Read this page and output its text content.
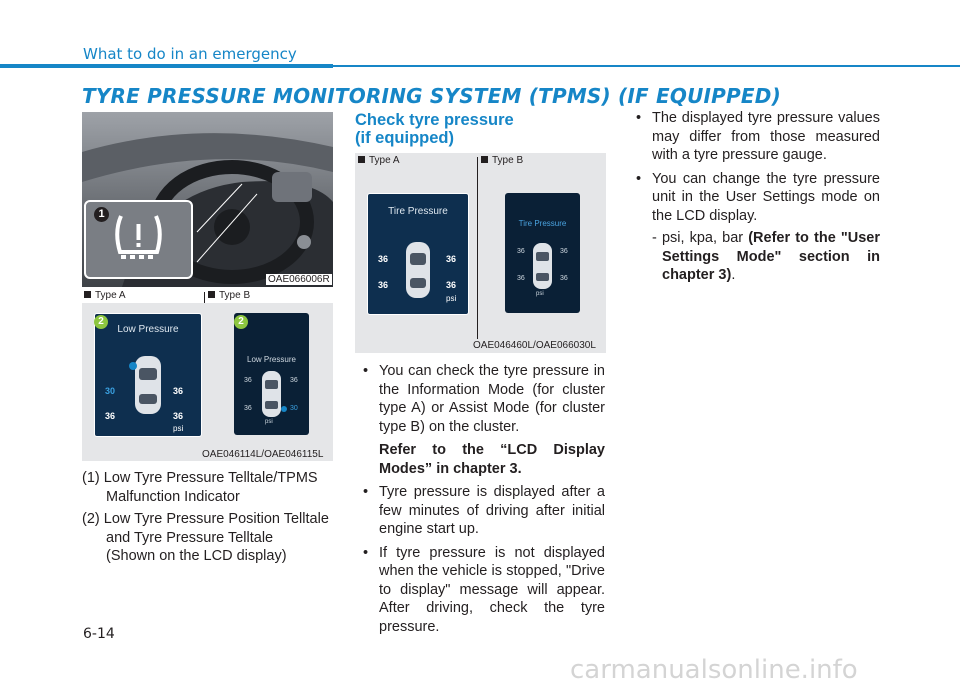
What to do in an emergency
TYRE PRESSURE MONITORING SYSTEM (TPMS) (IF EQUIPPED)
1
OAE066006R
Type A	Type B
Low Pressure
30	36
36	36
psi
2
Low Pressure
36	36
36	30
psi
2
OAE046114L/OAE046115L
(1) Low Tyre Pressure Telltale/TPMS Malfunction Indicator
(2) Low Tyre Pressure Position Telltale and Tyre Pressure Telltale
(Shown on the LCD display)
Check tyre pressure
(if equipped)
Type A	Type B
Tire Pressure
36	36
36	36
psi
Tire Pressure
36	36
36	36
psi
OAE046460L/OAE066030L
• You can check the tyre pressure in the Information Mode (for cluster type A) or Assist Mode (for cluster type B) on the cluster.
Refer to the “LCD Display Modes” in chapter 3.
• Tyre pressure is displayed after a few minutes of driving after initial engine start up.
• If tyre pressure is not displayed when the vehicle is stopped, "Drive to display" message will appear. After driving, check the tyre pressure.
• The displayed tyre pressure values may differ from those measured with a tyre pressure gauge.
• You can change the tyre pressure unit in the User Settings mode on the LCD display.
- psi, kpa, bar (Refer to the "User Settings Mode" section in chapter 3).
6-14
carmanualsonline.info
